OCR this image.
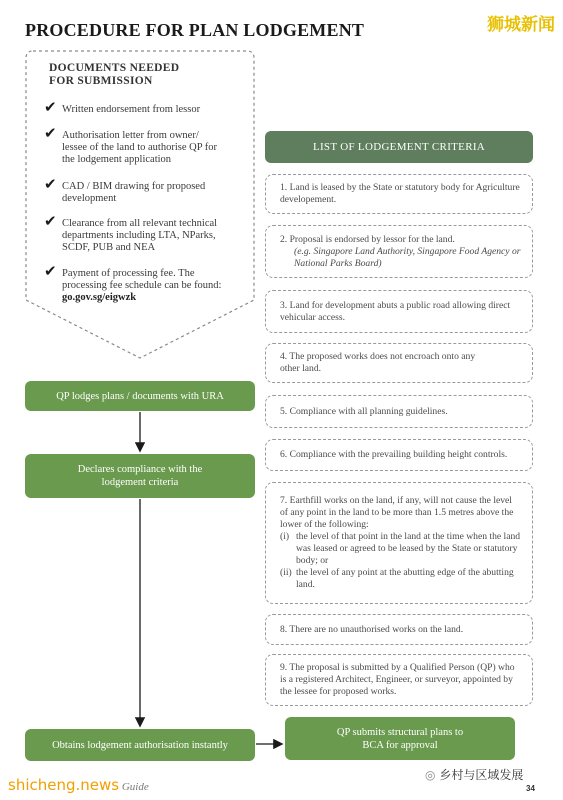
PROCEDURE FOR PLAN LODGEMENT	狮城新闻
DOCUMENTS NEEDED
FOR SUBMISSION
✔ Written endorsement from lessor
✔ Authorisation letter from owner/ lessee of the land to authorise QP for the lodgement application
✔ CAD / BIM drawing for proposed development
✔ Clearance from all relevant technical departments including LTA, NParks, SCDF, PUB and NEA
✔ Payment of processing fee. The processing fee schedule can be found: go.gov.sg/eigwzk
LIST OF LODGEMENT CRITERIA
1. Land is leased by the State or statutory body for Agriculture developement.
2. Proposal is endorsed by lessor for the land.
(e.g. Singapore Land Authority, Singapore Food Agency or National Parks Board)
3. Land for development abuts a public road allowing direct vehicular access.
4. The proposed works does not encroach onto any other land.
5. Compliance with all planning guidelines.
6. Compliance with the prevailing building height controls.
7. Earthfill works on the land, if any, will not cause the level of any point in the land to be more than 1.5 metres above the lower of the following:
(i) the level of that point in the land at the time when the land was leased or agreed to be leased by the State or statutory body; or
(ii) the level of any point at the abutting edge of the abutting land.
8. There are no unauthorised works on the land.
9. The proposal is submitted by a Qualified Person (QP) who is a registered Architect, Engineer, or surveyor, appointed by the lessee for proposed works.
QP lodges plans / documents with URA
Declares compliance with the lodgement criteria
Obtains lodgement authorisation instantly
QP submits structural plans to BCA for approval
shicheng.news Guide
◎ 乡村与区域发展
34
